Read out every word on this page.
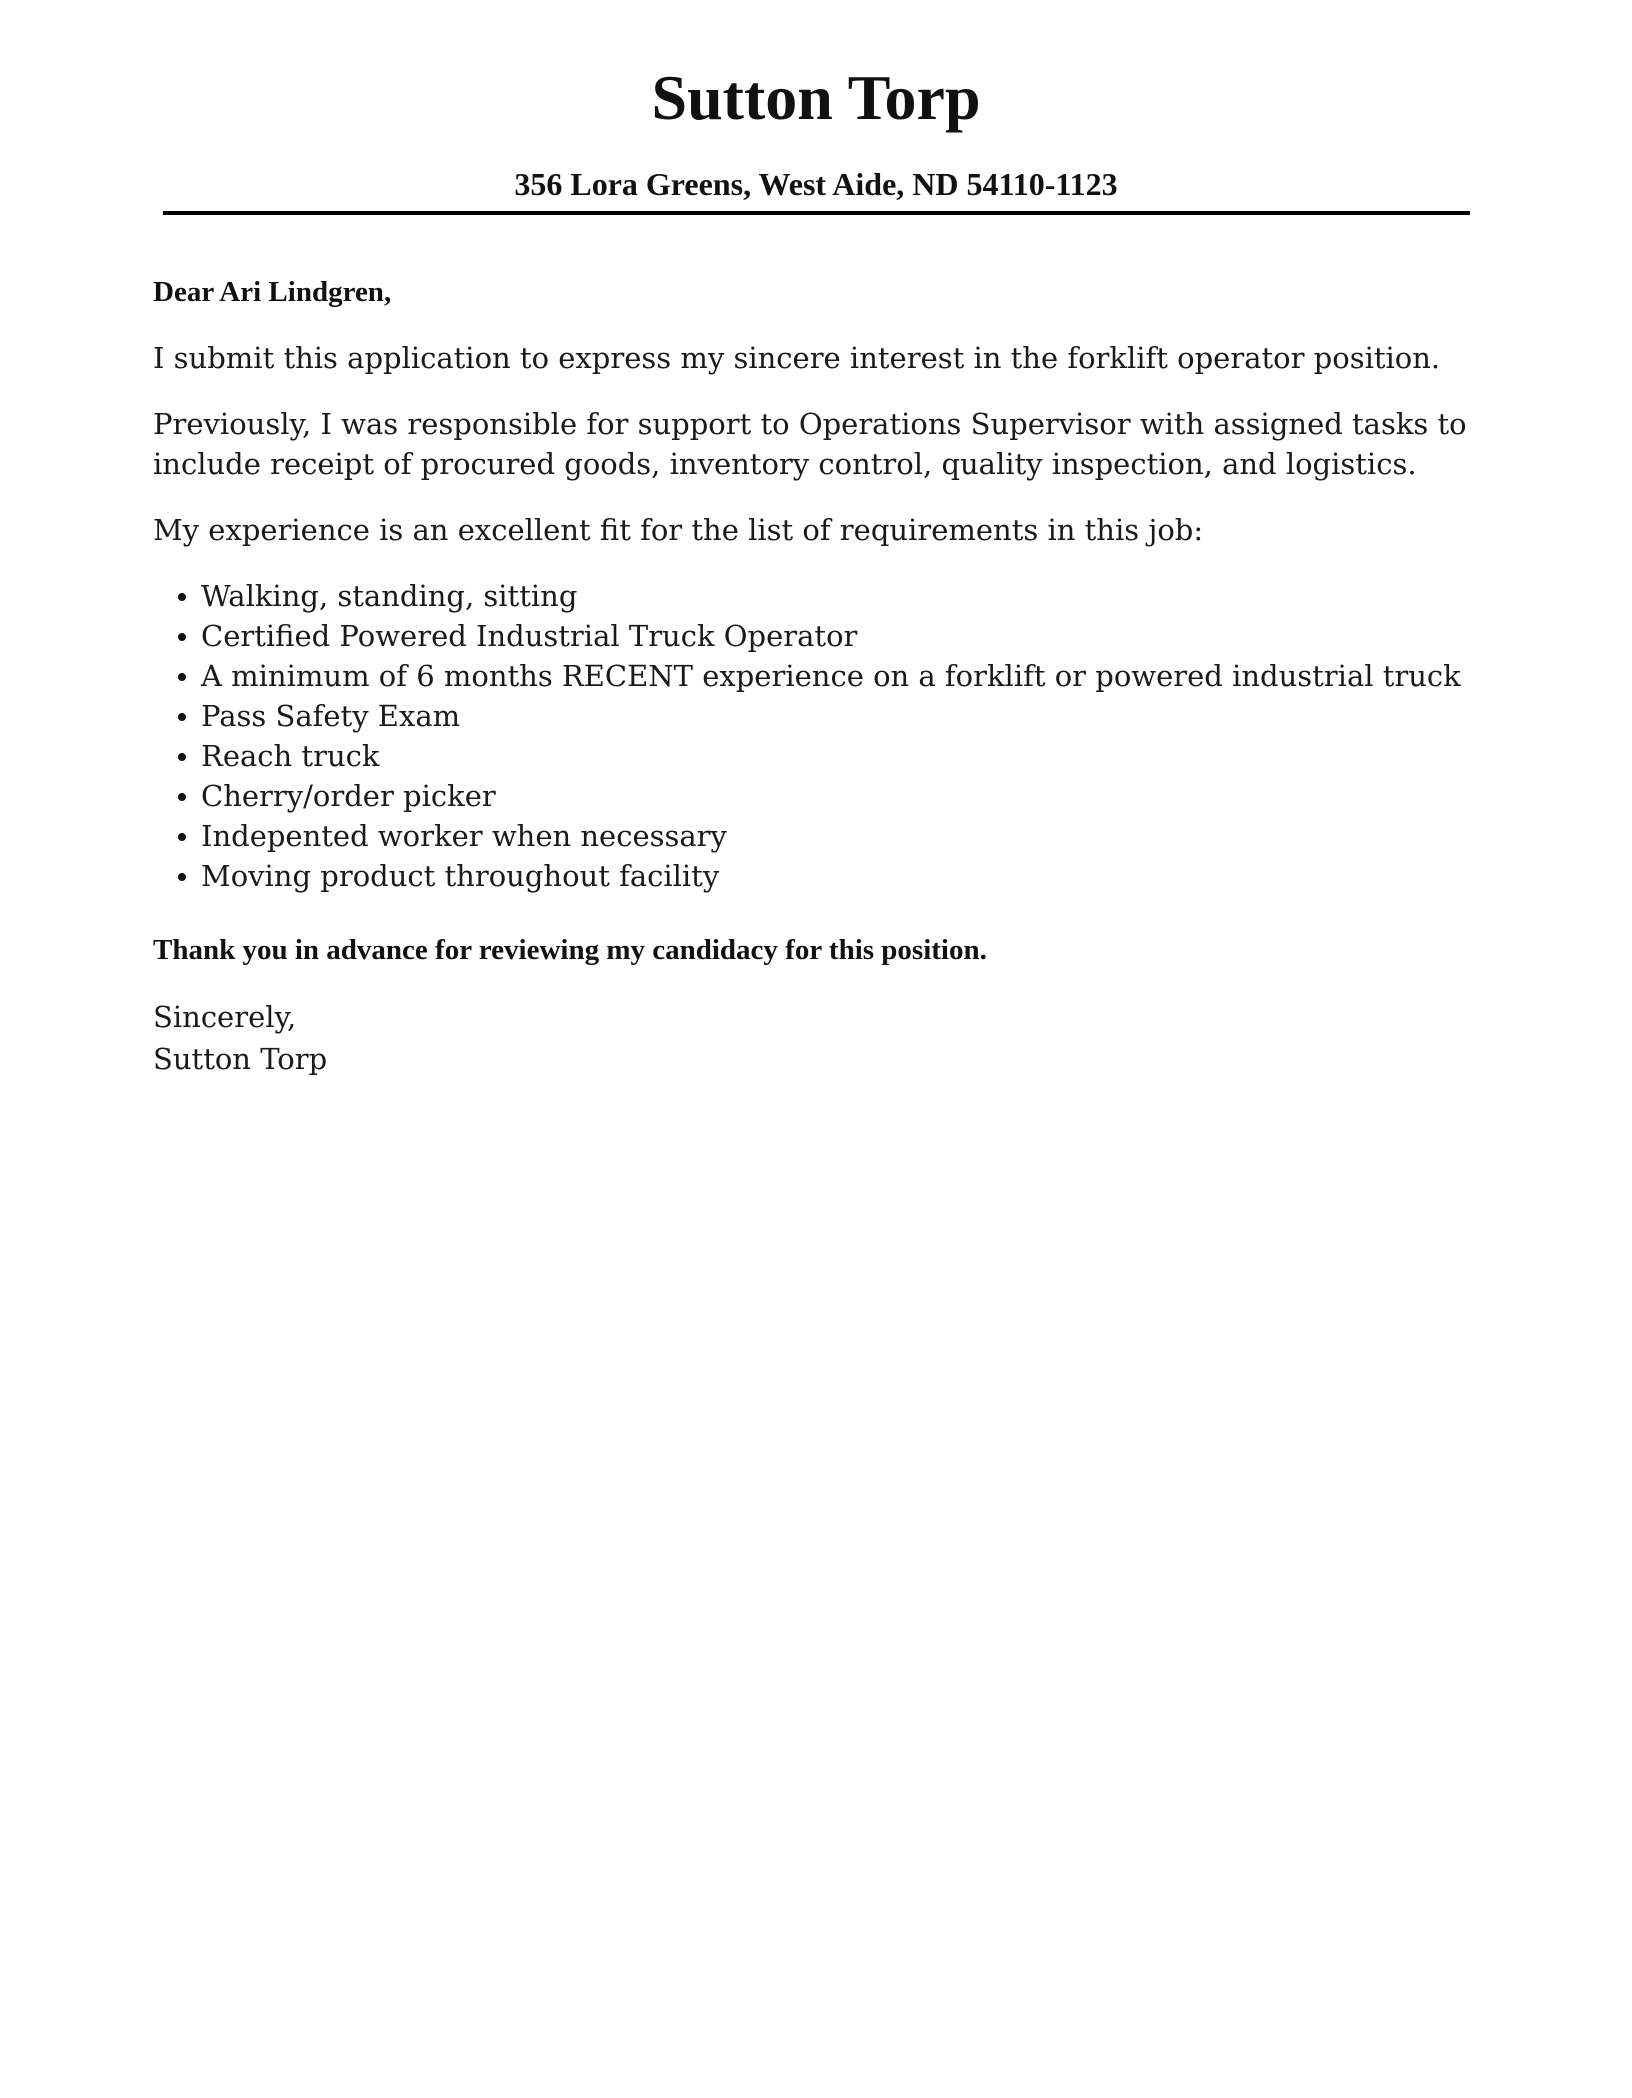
Sutton Torp
356 Lora Greens, West Aide, ND 54110-1123

Dear Ari Lindgren,

I submit this application to express my sincere interest in the forklift operator position.

Previously, I was responsible for support to Operations Supervisor with assigned tasks to include receipt of procured goods, inventory control, quality inspection, and logistics.

My experience is an excellent fit for the list of requirements in this job:

Walking, standing, sitting
Certified Powered Industrial Truck Operator
A minimum of 6 months RECENT experience on a forklift or powered industrial truck
Pass Safety Exam
Reach truck
Cherry/order picker
Indepented worker when necessary
Moving product throughout facility

Thank you in advance for reviewing my candidacy for this position.

Sincerely,

Sutton Torp
